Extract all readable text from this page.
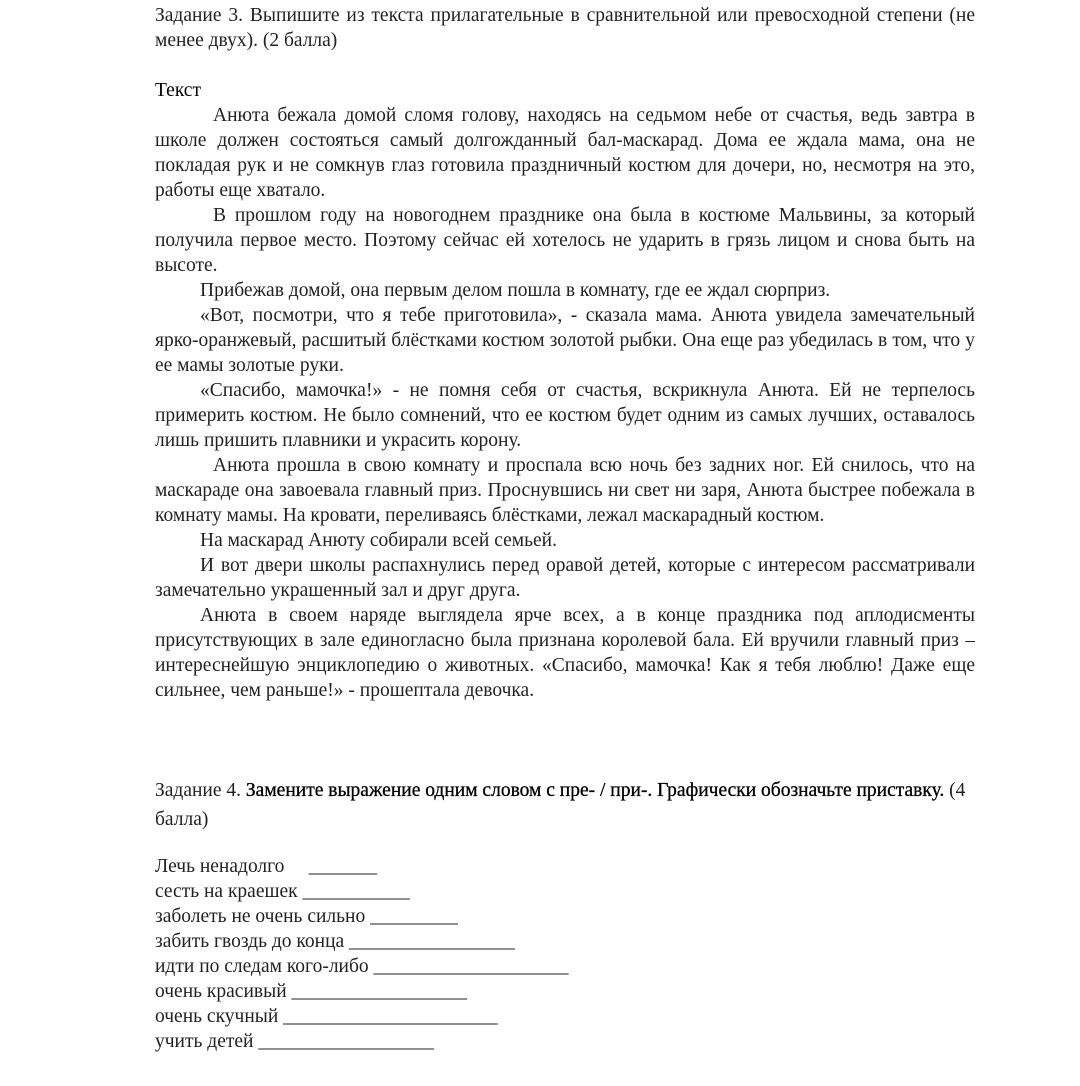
Задание 3. Выпишите из текста прилагательные в сравнительной или превосходной степени (не менее двух). (2 балла)

Текст

Анюта бежала домой сломя голову, находясь на седьмом небе от счастья, ведь завтра в школе должен состояться самый долгожданный бал-маскарад. Дома ее ждала мама, она не покладая рук и не сомкнув глаз готовила праздничный костюм для дочери, но, несмотря на это, работы еще хватало.

В прошлом году на новогоднем празднике она была в костюме Мальвины, за который получила первое место. Поэтому сейчас ей хотелось не ударить в грязь лицом и снова быть на высоте.

Прибежав домой, она первым делом пошла в комнату, где ее ждал сюрприз.

«Вот, посмотри, что я тебе приготовила», - сказала мама. Анюта увидела замечательный ярко-оранжевый, расшитый блёстками костюм золотой рыбки. Она еще раз убедилась в том, что у ее мамы золотые руки.

«Спасибо, мамочка!» - не помня себя от счастья, вскрикнула Анюта. Ей не терпелось примерить костюм. Не было сомнений, что ее костюм будет одним из самых лучших, оставалось лишь пришить плавники и украсить корону.

Анюта прошла в свою комнату и проспала всю ночь без задних ног. Ей снилось, что на маскараде она завоевала главный приз. Проснувшись ни свет ни заря, Анюта быстрее побежала в комнату мамы. На кровати, переливаясь блёстками, лежал маскарадный костюм.

На маскарад Анюту собирали всей семьей.

И вот двери школы распахнулись перед оравой детей, которые с интересом рассматривали замечательно украшенный зал и друг друга.

Анюта в своем наряде выглядела ярче всех, а в конце праздника под аплодисменты присутствующих в зале единогласно была признана королевой бала. Ей вручили главный приз – интереснейшую энциклопедию о животных. «Спасибо, мамочка! Как я тебя люблю! Даже еще сильнее, чем раньше!» - прошептала девочка.

Задание 4. Замените выражение одним словом с пре- / при-. Графически обозначьте приставку. (4 балла)
Лечь ненадолго     _______
сесть на краешек ___________
заболеть не очень сильно _________
забить гвоздь до конца _________________
идти по следам кого-либо ____________________
очень красивый __________________
очень скучный ______________________
учить детей __________________
